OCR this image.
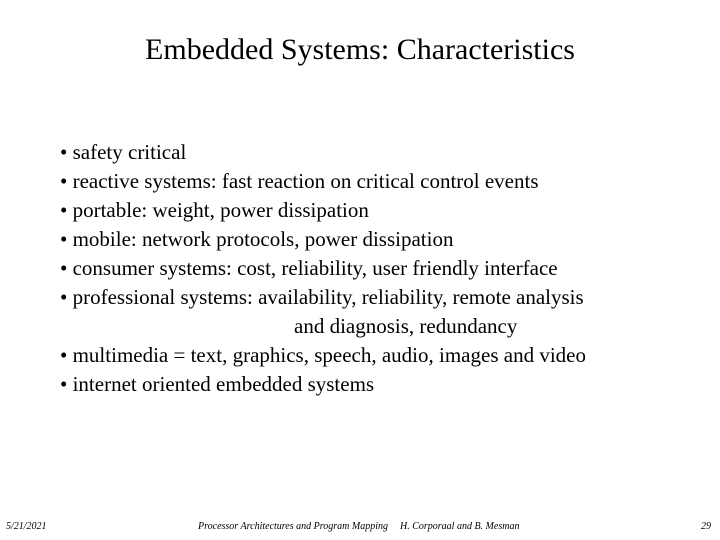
Embedded Systems: Characteristics
• safety critical
• reactive systems: fast reaction on critical control events
• portable: weight, power dissipation
• mobile: network protocols, power dissipation
• consumer systems: cost, reliability, user friendly interface
• professional systems: availability, reliability, remote analysis
and diagnosis, redundancy
• multimedia = text, graphics, speech, audio, images and video
• internet oriented embedded systems
5/21/2021	Processor Architectures and Program Mapping H. Corporaal and B. Mesman	29
